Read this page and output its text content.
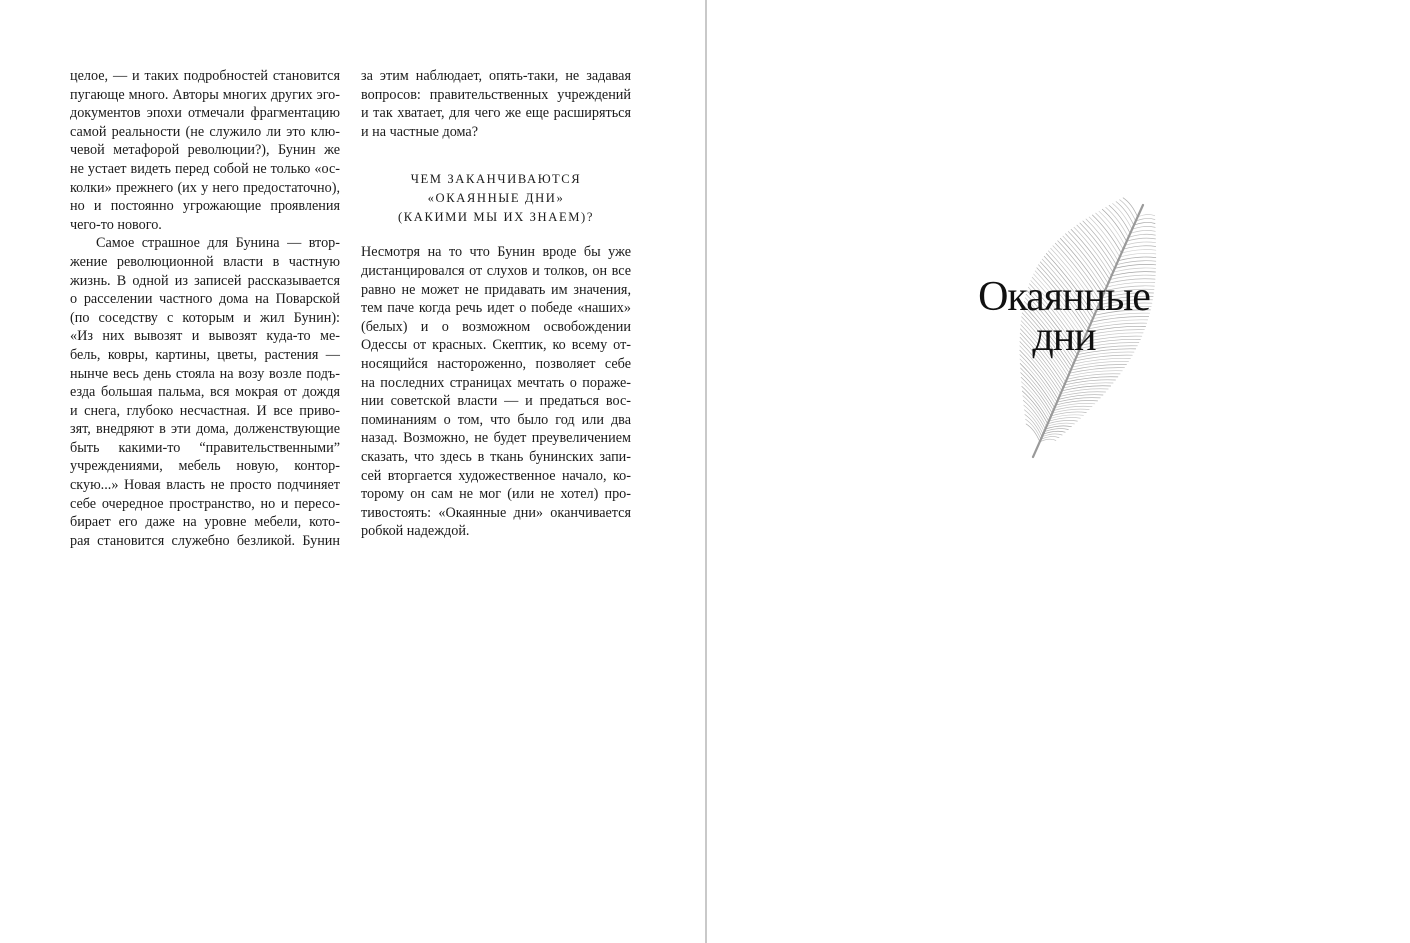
целое, — и таких подробностей становится
пугающе много. Авторы многих других эго-
документов эпохи отмечали фрагментацию
самой реальности (не служило ли это клю-
чевой метафорой революции?), Бунин же
не устает видеть перед собой не только «ос-
колки» прежнего (их у него предостаточно),
но и постоянно угрожающие проявления
чего-то нового.
Самое страшное для Бунина — втор-
жение революционной власти в частную
жизнь. В одной из записей рассказывается
о расселении частного дома на Поварской
(по соседству с которым и жил Бунин):
«Из них вывозят и вывозят куда-то ме-
бель, ковры, картины, цветы, растения —
нынче весь день стояла на возу возле подъ-
езда большая пальма, вся мокрая от дождя
и снега, глубоко несчастная. И все приво-
зят, внедряют в эти дома, долженствующие
быть какими-то “правительственными”
учреждениями, мебель новую, контор-
скую...» Новая власть не просто подчиняет
себе очередное пространство, но и пересо-
бирает его даже на уровне мебели, кото-
рая становится служебно безликой. Бунин
за этим наблюдает, опять-таки, не задавая
вопросов: правительственных учреждений
и так хватает, для чего же еще расширяться
и на частные дома?
ЧЕМ ЗАКАНЧИВАЮТСЯ
«ОКАЯННЫЕ ДНИ»
(КАКИМИ МЫ ИХ ЗНАЕМ)?
Несмотря на то что Бунин вроде бы уже
дистанцировался от слухов и толков, он все
равно не может не придавать им значения,
тем паче когда речь идет о победе «наших»
(белых) и о возможном освобождении
Одессы от красных. Скептик, ко всему от-
носящийся настороженно, позволяет себе
на последних страницах мечтать о пораже-
нии советской власти — и предаться вос-
поминаниям о том, что было год или два
назад. Возможно, не будет преувеличением
сказать, что здесь в ткань бунинских запи-
сей вторгается художественное начало, ко-
торому он сам не мог (или не хотел) про-
тивостоять: «Окаянные дни» оканчивается
робкой надеждой.
Окаянные
дни
